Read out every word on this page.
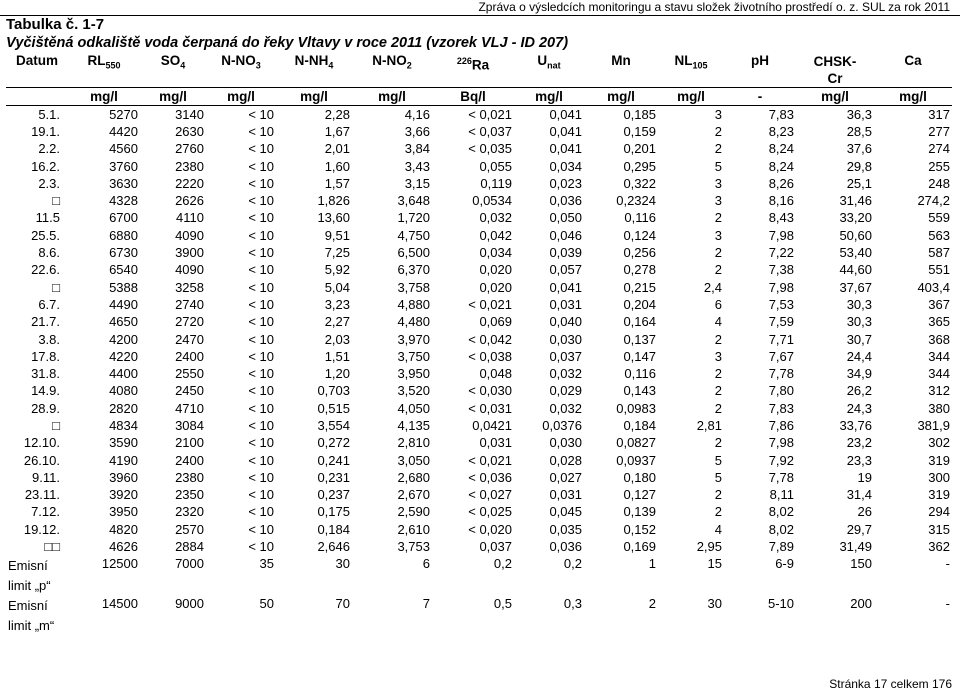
Zpráva o výsledcích monitoringu a stavu složek životního prostředí o. z. SUL za rok 2011
Tabulka č. 1-7
Vyčištěná odkaliště voda čerpaná do řeky Vltavy v roce 2011 (vzorek VLJ - ID 207)
Datum	$RL_{550}$	$SO_4$	$N-NO_3$	$N-NH_4$	$N-NO_2$	$^{226}$Ra	$U_{nat}$	Mn	$NL_{105}$	pH	CHSK-Cr	Ca
	mg/l	mg/l	mg/l	mg/l	mg/l	Bq/l	mg/l	mg/l	mg/l	-	mg/l	mg/l
5.1.	5270	3140	< 10	2,28	4,16	< 0,021	0,041	0,185	3	7,83	36,3	317
19.1.	4420	2630	< 10	1,67	3,66	< 0,037	0,041	0,159	2	8,23	28,5	277
2.2.	4560	2760	< 10	2,01	3,84	< 0,035	0,041	0,201	2	8,24	37,6	274
16.2.	3760	2380	< 10	1,60	3,43	0,055	0,034	0,295	5	8,24	29,8	255
2.3.	3630	2220	< 10	1,57	3,15	0,119	0,023	0,322	3	8,26	25,1	248
□	4328	2626	< 10	1,826	3,648	0,0534	0,036	0,2324	3	8,16	31,46	274,2
11.5	6700	4110	< 10	13,60	1,720	0,032	0,050	0,116	2	8,43	33,20	559
25.5.	6880	4090	< 10	9,51	4,750	0,042	0,046	0,124	3	7,98	50,60	563
8.6.	6730	3900	< 10	7,25	6,500	0,034	0,039	0,256	2	7,22	53,40	587
22.6.	6540	4090	< 10	5,92	6,370	0,020	0,057	0,278	2	7,38	44,60	551
□	5388	3258	< 10	5,04	3,758	0,020	0,041	0,215	2,4	7,98	37,67	403,4
6.7.	4490	2740	< 10	3,23	4,880	< 0,021	0,031	0,204	6	7,53	30,3	367
21.7.	4650	2720	< 10	2,27	4,480	0,069	0,040	0,164	4	7,59	30,3	365
3.8.	4200	2470	< 10	2,03	3,970	< 0,042	0,030	0,137	2	7,71	30,7	368
17.8.	4220	2400	< 10	1,51	3,750	< 0,038	0,037	0,147	3	7,67	24,4	344
31.8.	4400	2550	< 10	1,20	3,950	0,048	0,032	0,116	2	7,78	34,9	344
14.9.	4080	2450	< 10	0,703	3,520	< 0,030	0,029	0,143	2	7,80	26,2	312
28.9.	2820	4710	< 10	0,515	4,050	< 0,031	0,032	0,0983	2	7,83	24,3	380
□	4834	3084	< 10	3,554	4,135	0,0421	0,0376	0,184	2,81	7,86	33,76	381,9
12.10.	3590	2100	< 10	0,272	2,810	0,031	0,030	0,0827	2	7,98	23,2	302
26.10.	4190	2400	< 10	0,241	3,050	< 0,021	0,028	0,0937	5	7,92	23,3	319
9.11.	3960	2380	< 10	0,231	2,680	< 0,036	0,027	0,180	5	7,78	19	300
23.11.	3920	2350	< 10	0,237	2,670	< 0,027	0,031	0,127	2	8,11	31,4	319
7.12.	3950	2320	< 10	0,175	2,590	< 0,025	0,045	0,139	2	8,02	26	294
19.12.	4820	2570	< 10	0,184	2,610	< 0,020	0,035	0,152	4	8,02	29,7	315
□□	4626	2884	< 10	2,646	3,753	0,037	0,036	0,169	2,95	7,89	31,49	362
Emisní limit „p“	12500	7000	35	30	6	0,2	0,2	1	15	6-9	150	-
Emisní limit „m“	14500	9000	50	70	7	0,5	0,3	2	30	5-10	200	-
Stránka 17 celkem 176
